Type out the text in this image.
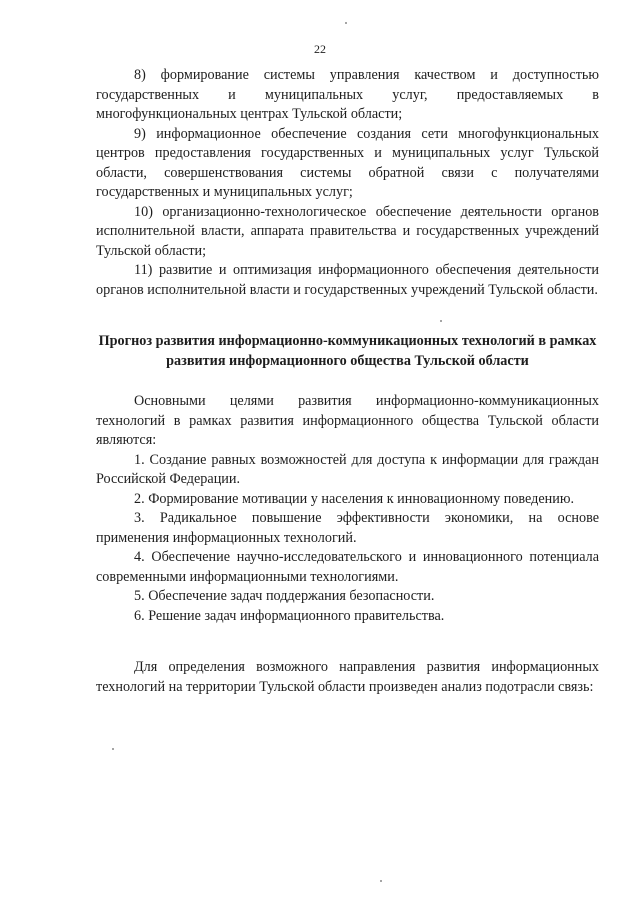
22

8) формирование системы управления качеством и доступностью государственных и муниципальных услуг, предоставляемых в многофункциональных центрах Тульской области;

9) информационное обеспечение создания сети многофункциональных центров предоставления государственных и муниципальных услуг Тульской области, совершенствования системы обратной связи с получателями государственных и муниципальных услуг;

10) организационно-технологическое обеспечение деятельности органов исполнительной власти, аппарата правительства и государственных учреждений Тульской области;

11) развитие и оптимизация информационного обеспечения деятельности органов исполнительной власти и государственных учреждений Тульской области.

Прогноз развития информационно-коммуникационных технологий в рамках развития информационного общества Тульской области

Основными целями развития информационно-коммуникационных технологий в рамках развития информационного общества Тульской области являются:

1. Создание равных возможностей для доступа к информации для граждан Российской Федерации.

2. Формирование мотивации у населения к инновационному поведению.

3. Радикальное повышение эффективности экономики, на основе применения информационных технологий.

4. Обеспечение научно-исследовательского и инновационного потенциала современными информационными технологиями.

5. Обеспечение задач поддержания безопасности.

6. Решение задач информационного правительства.

Для определения возможного направления развития информационных технологий на территории Тульской области произведен анализ подотрасли связь:
